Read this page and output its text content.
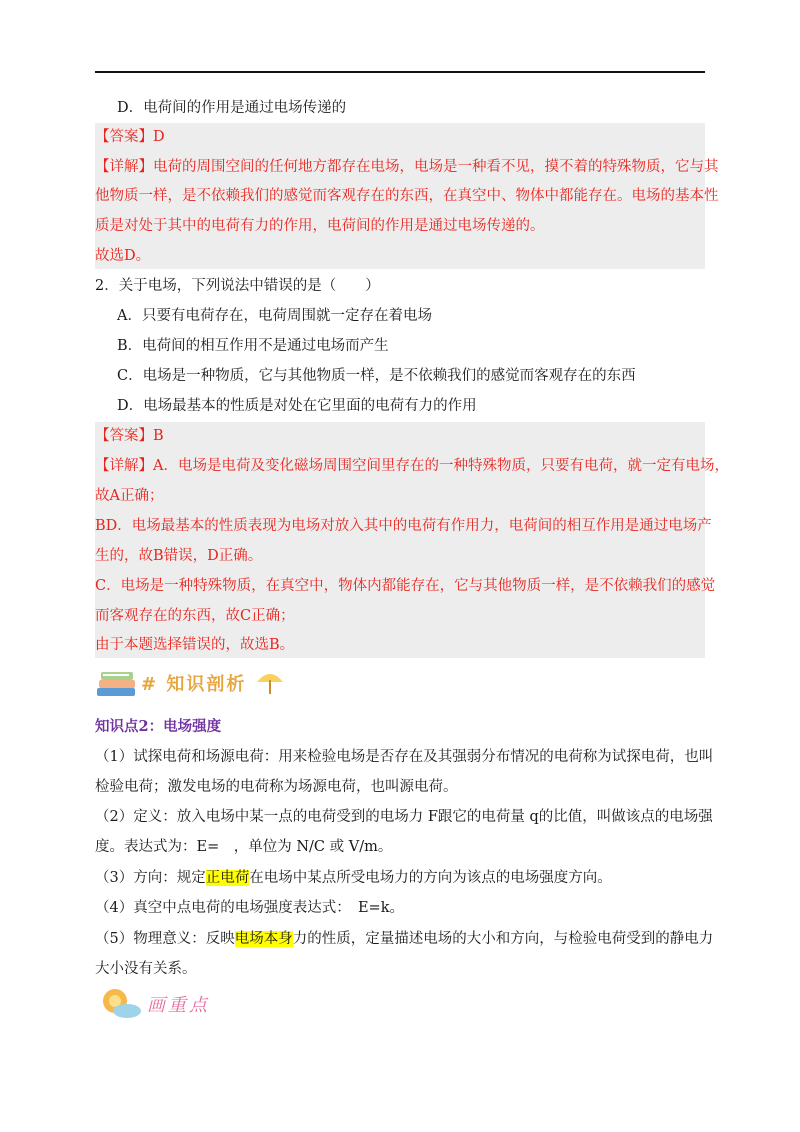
D．电荷间的作用是通过电场传递的
【答案】D
【详解】电荷的周围空间的任何地方都存在电场，电场是一种看不见，摸不着的特殊物质，它与其
他物质一样，是不依赖我们的感觉而客观存在的东西，在真空中、物体中都能存在。电场的基本性
质是对处于其中的电荷有力的作用，电荷间的作用是通过电场传递的。
故选D。
2．关于电场，下列说法中错误的是（　　）
A．只要有电荷存在，电荷周围就一定存在着电场
B．电荷间的相互作用不是通过电场而产生
C．电场是一种物质，它与其他物质一样，是不依赖我们的感觉而客观存在的东西
D．电场最基本的性质是对处在它里面的电荷有力的作用
【答案】B
【详解】A．电场是电荷及变化磁场周围空间里存在的一种特殊物质，只要有电荷，就一定有电场，
故A正确；
BD．电场最基本的性质表现为电场对放入其中的电荷有作用力，电荷间的相互作用是通过电场产
生的，故B错误，D正确。
C．电场是一种特殊物质，在真空中，物体内都能存在，它与其他物质一样，是不依赖我们的感觉
而客观存在的东西，故C正确；
由于本题选择错误的，故选B。
# 知识剖析
知识点2：电场强度
（1）试探电荷和场源电荷：用来检验电场是否存在及其强弱分布情况的电荷称为试探电荷，也叫
检验电荷；激发电场的电荷称为场源电荷，也叫源电荷。
（2）定义：放入电场中某一点的电荷受到的电场力 F跟它的电荷量 q的比值，叫做该点的电场强
度。表达式为：E=　，单位为 N/C 或 V/m。
（3）方向：规定正电荷在电场中某点所受电场力的方向为该点的电场强度方向。
（4）真空中点电荷的电场强度表达式：　E=k。
（5）物理意义：反映电场本身力的性质，定量描述电场的大小和方向，与检验电荷受到的静电力
大小没有关系。
画重点
